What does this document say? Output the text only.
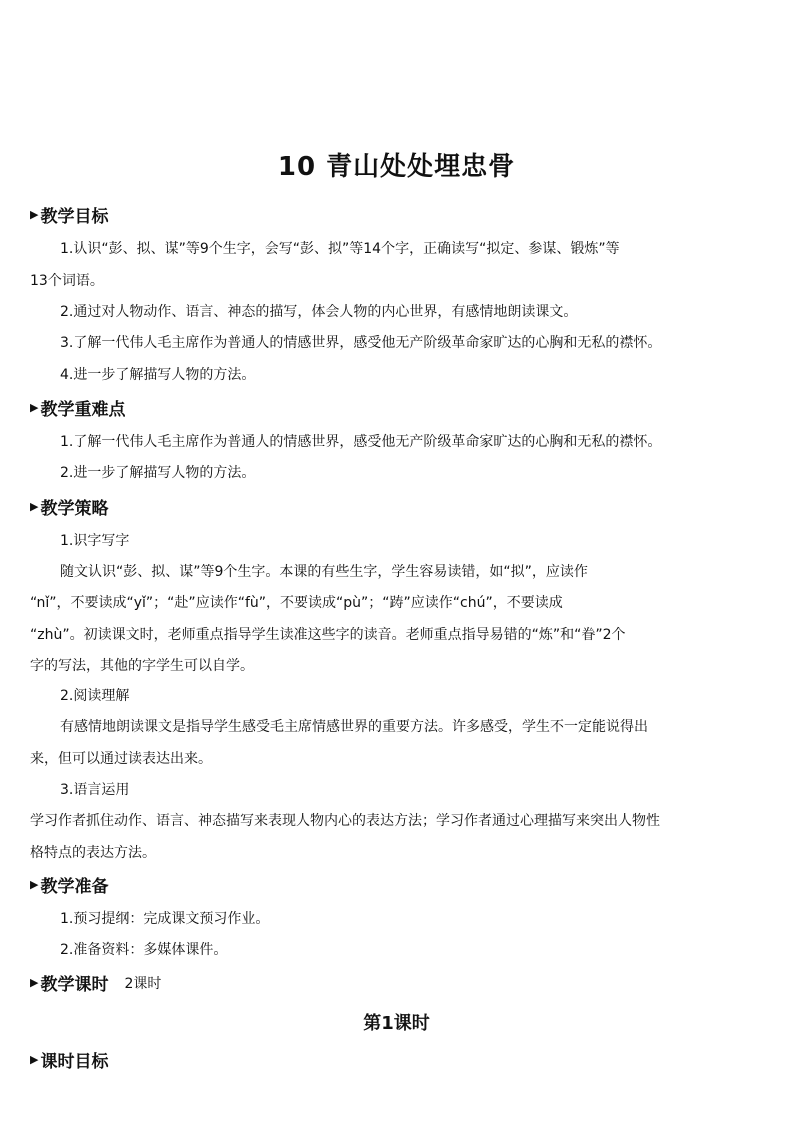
10 青山处处埋忠骨
▶ 教学目标
1.认识“彭、拟、谋”等9个生字，会写“彭、拟”等14个字，正确读写“拟定、参谋、锻炼”等
13个词语。
2.通过对人物动作、语言、神态的描写，体会人物的内心世界，有感情地朗读课文。
3.了解一代伟人毛主席作为普通人的情感世界，感受他无产阶级革命家旷达的心胸和无私的襟怀。
4.进一步了解描写人物的方法。
▶ 教学重难点
1.了解一代伟人毛主席作为普通人的情感世界，感受他无产阶级革命家旷达的心胸和无私的襟怀。
2.进一步了解描写人物的方法。
▶ 教学策略
1.识字写字
随文认识“彭、拟、谋”等9个生字。本课的有些生字，学生容易读错，如“拟”，应读作
“nǐ”，不要读成“yǐ”；“赴”应读作“fù”，不要读成“pù”；“踌”应读作“chú”，不要读成
“zhù”。初读课文时，老师重点指导学生读准这些字的读音。老师重点指导易错的“炼”和“眷”2个
字的写法，其他的字学生可以自学。
2.阅读理解
有感情地朗读课文是指导学生感受毛主席情感世界的重要方法。许多感受，学生不一定能说得出
来，但可以通过读表达出来。
3.语言运用
学习作者抓住动作、语言、神态描写来表现人物内心的表达方法；学习作者通过心理描写来突出人物性
格特点的表达方法。
▶ 教学准备
1.预习提纲：完成课文预习作业。
2.准备资料：多媒体课件。
▶ 教学课时 2课时
第1课时
▶ 课时目标
